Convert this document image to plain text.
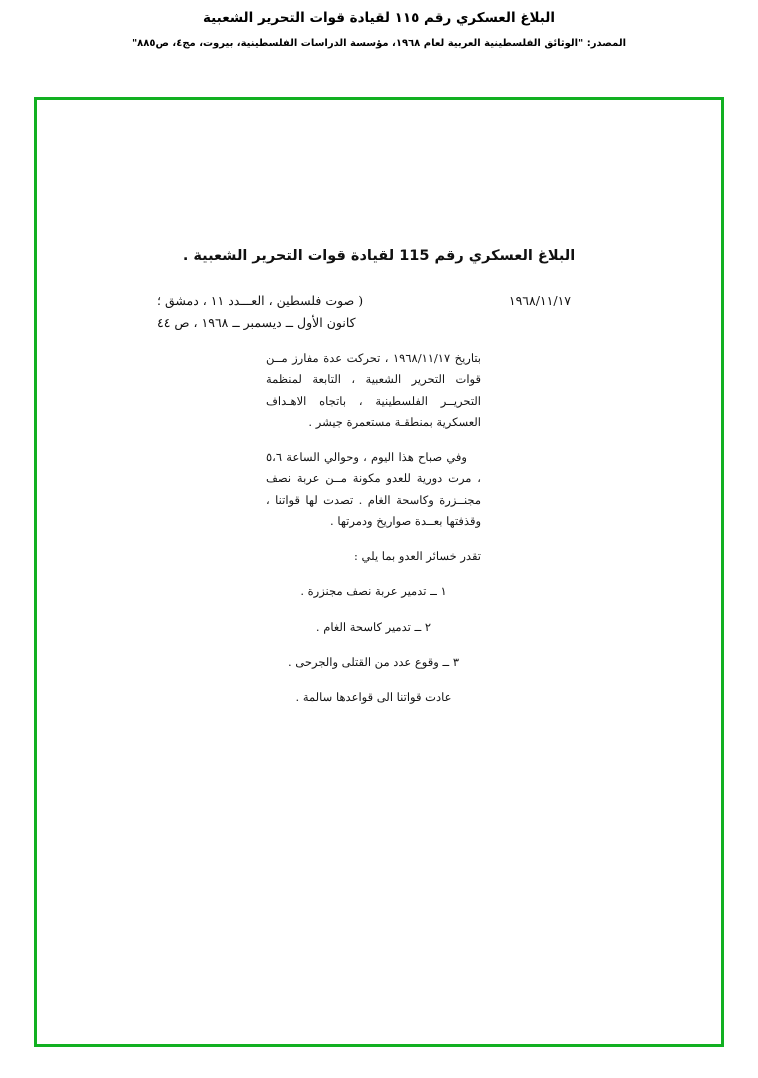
البلاغ العسكري رقم ١١٥ لقيادة قوات التحرير الشعبية
المصدر: "الوثائق الفلسطينية العربية لعام ١٩٦٨، مؤسسة الدراسات الفلسطينية، بيروت، مج٤، ص٨٨٥"
البلاغ العسكري رقم 115 لقيادة قوات التحرير الشعبية .
١٩٦٨/١١/١٧
( صوت فلسطين ، العـــدد ١١ ، دمشق ؛
كانون الأول ــ ديسمبر ــ ١٩٦٨ ، ص ٤٤

بتاريخ ١٩٦٨/١١/١٧ ، تحركت عدة مفارز مــن قوات التحرير الشعبية ، التابعة لمنظمة التحريــر الفلسطينية ، باتجاه الاهـداف العسكرية بمنطقـة مستعمرة جيشر .

وفي صباح هذا اليوم ، وحوالي الساعة ٥،٦ ، مرت دورية للعدو مكونة مــن عربة نصف مجنــزرة وكاسحة الغام . تصدت لها قواتنا ، وقذفتها بعــدة صواريخ ودمرتها .

تقدر خسائر العدو بما يلي :

١ ــ تدمير عربة نصف مجنزرة .

٢ ــ تدمير كاسحة الغام .

٣ ــ وقوع عدد من القتلى والجرحى .

عادت قواتنا الى قواعدها سالمة .
